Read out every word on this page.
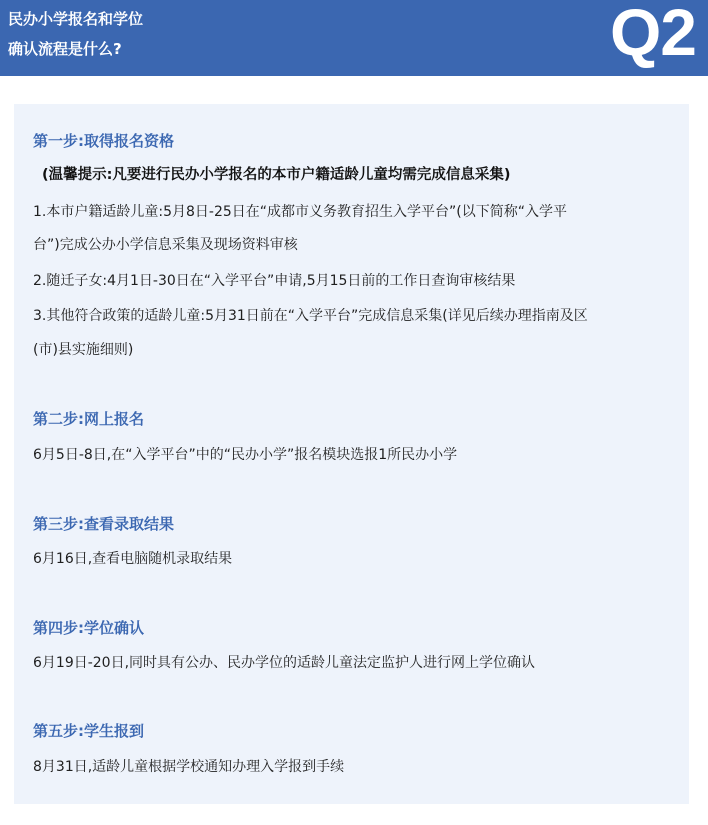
民办小学报名和学位
确认流程是什么?	Q2
第一步:取得报名资格
(温馨提示:凡要进行民办小学报名的本市户籍适龄儿童均需完成信息采集)
1.本市户籍适龄儿童:5月8日-25日在“成都市义务教育招生入学平台”(以下简称“入学平
台”)完成公办小学信息采集及现场资料审核
2.随迁子女:4月1日-30日在“入学平台”申请,5月15日前的工作日查询审核结果
3.其他符合政策的适龄儿童:5月31日前在“入学平台”完成信息采集(详见后续办理指南及区
(市)县实施细则)
第二步:网上报名
6月5日-8日,在“入学平台”中的“民办小学”报名模块选报1所民办小学
第三步:查看录取结果
6月16日,查看电脑随机录取结果
第四步:学位确认
6月19日-20日,同时具有公办、民办学位的适龄儿童法定监护人进行网上学位确认
第五步:学生报到
8月31日,适龄儿童根据学校通知办理入学报到手续
